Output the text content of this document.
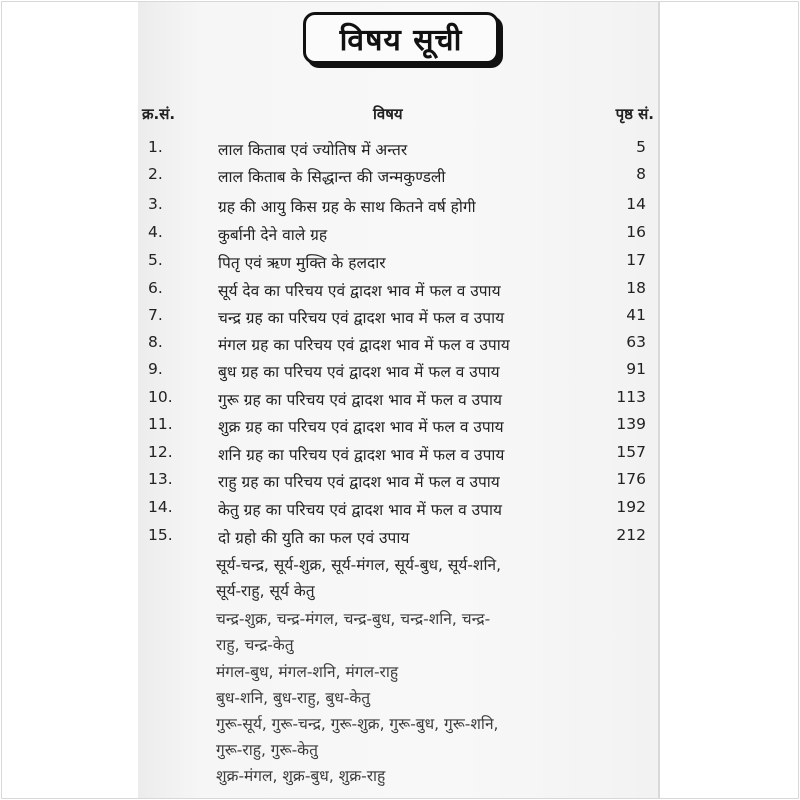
विषय सूची
क्र.सं.	विषय	पृष्ठ सं.
1.	लाल किताब एवं ज्योतिष में अन्तर	5
2.	लाल किताब के सिद्धान्त की जन्मकुण्डली	8
3.	ग्रह की आयु किस ग्रह के साथ कितने वर्ष होगी	14
4.	कुर्बानी देने वाले ग्रह	16
5.	पितृ एवं ऋण मुक्ति के हलदार	17
6.	सूर्य देव का परिचय एवं द्वादश भाव में फल व उपाय	18
7.	चन्द्र ग्रह का परिचय एवं द्वादश भाव में फल व उपाय	41
8.	मंगल ग्रह का परिचय एवं द्वादश भाव में फल व उपाय	63
9.	बुध ग्रह का परिचय एवं द्वादश भाव में फल व उपाय	91
10.	गुरू ग्रह का परिचय एवं द्वादश भाव में फल व उपाय	113
11.	शुक्र ग्रह का परिचय एवं द्वादश भाव में फल व उपाय	139
12.	शनि ग्रह का परिचय एवं द्वादश भाव में फल व उपाय	157
13.	राहु ग्रह का परिचय एवं द्वादश भाव में फल व उपाय	176
14.	केतु ग्रह का परिचय एवं द्वादश भाव में फल व उपाय	192
15.	दो ग्रहो की युति का फल एवं उपाय	212
सूर्य-चन्द्र, सूर्य-शुक्र, सूर्य-मंगल, सूर्य-बुध, सूर्य-शनि,
सूर्य-राहु, सूर्य केतु
चन्द्र-शुक्र, चन्द्र-मंगल, चन्द्र-बुध, चन्द्र-शनि, चन्द्र-
राहु, चन्द्र-केतु
मंगल-बुध, मंगल-शनि, मंगल-राहु
बुध-शनि, बुध-राहु, बुध-केतु
गुरू-सूर्य, गुरू-चन्द्र, गुरू-शुक्र, गुरू-बुध, गुरू-शनि,
गुरू-राहु, गुरू-केतु
शुक्र-मंगल, शुक्र-बुध, शुक्र-राहु
